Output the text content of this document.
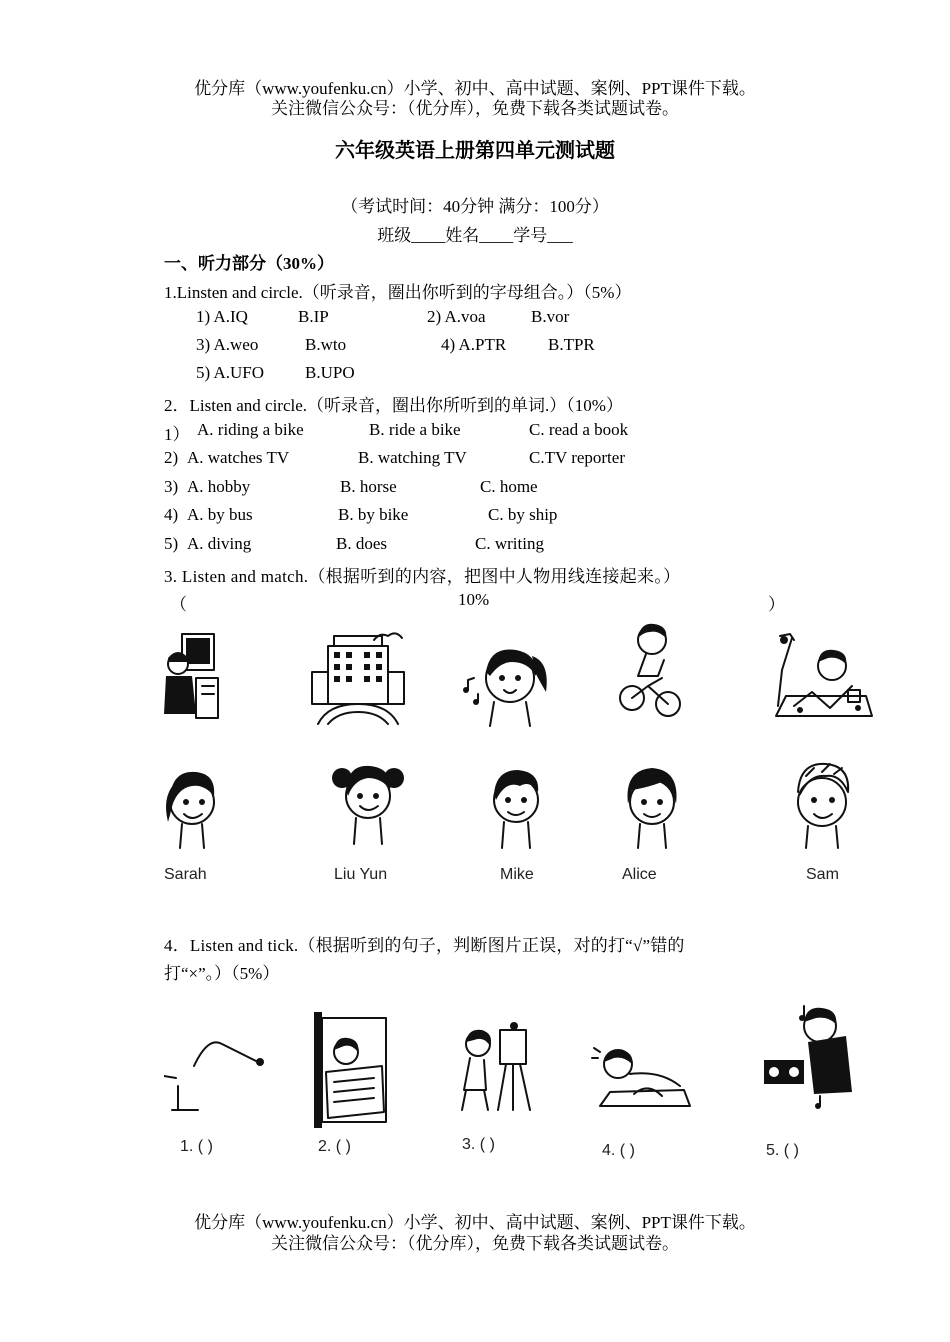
优分库（www.youfenku.cn）小学、初中、高中试题、案例、PPT课件下载。
关注微信公众号：（优分库），免费下载各类试题试卷。
六年级英语上册第四单元测试题
（考试时间：40分钟 满分：100分）
班级____姓名____学号___
一、听力部分（30%）
1.Linsten and circle.（听录音，圈出你听到的字母组合。）（5%）
1) A.IQ	B.IP	2) A.voa	B.vor
3) A.weo	B.wto	4) A.PTR B.TPR
5) A.UFO B.UPO
2．Listen and circle.（听录音，圈出你所听到的单词.）（10%）
1） A. riding a bike	B. ride a bike	C. read a book
2) A. watches TV	B. watching TV	C.TV reporter
3) A. hobby	B. horse	C. home
4) A. by bus	B. by bike	C. by ship
5) A. diving	B. does	C. writing
3. Listen and match.（根据听到的内容，把图中人物用线连接起来。）
（	10%	）
Sarah	Liu Yun	Mike	Alice	Sam
4．Listen and tick.（根据听到的句子，判断图片正误，对的打“√”错的
打“×”。）（5%）
1. ( )	2. ( )	3. ( )	4. ( )	5. ( )
优分库（www.youfenku.cn）小学、初中、高中试题、案例、PPT课件下载。
关注微信公众号：（优分库），免费下载各类试题试卷。
